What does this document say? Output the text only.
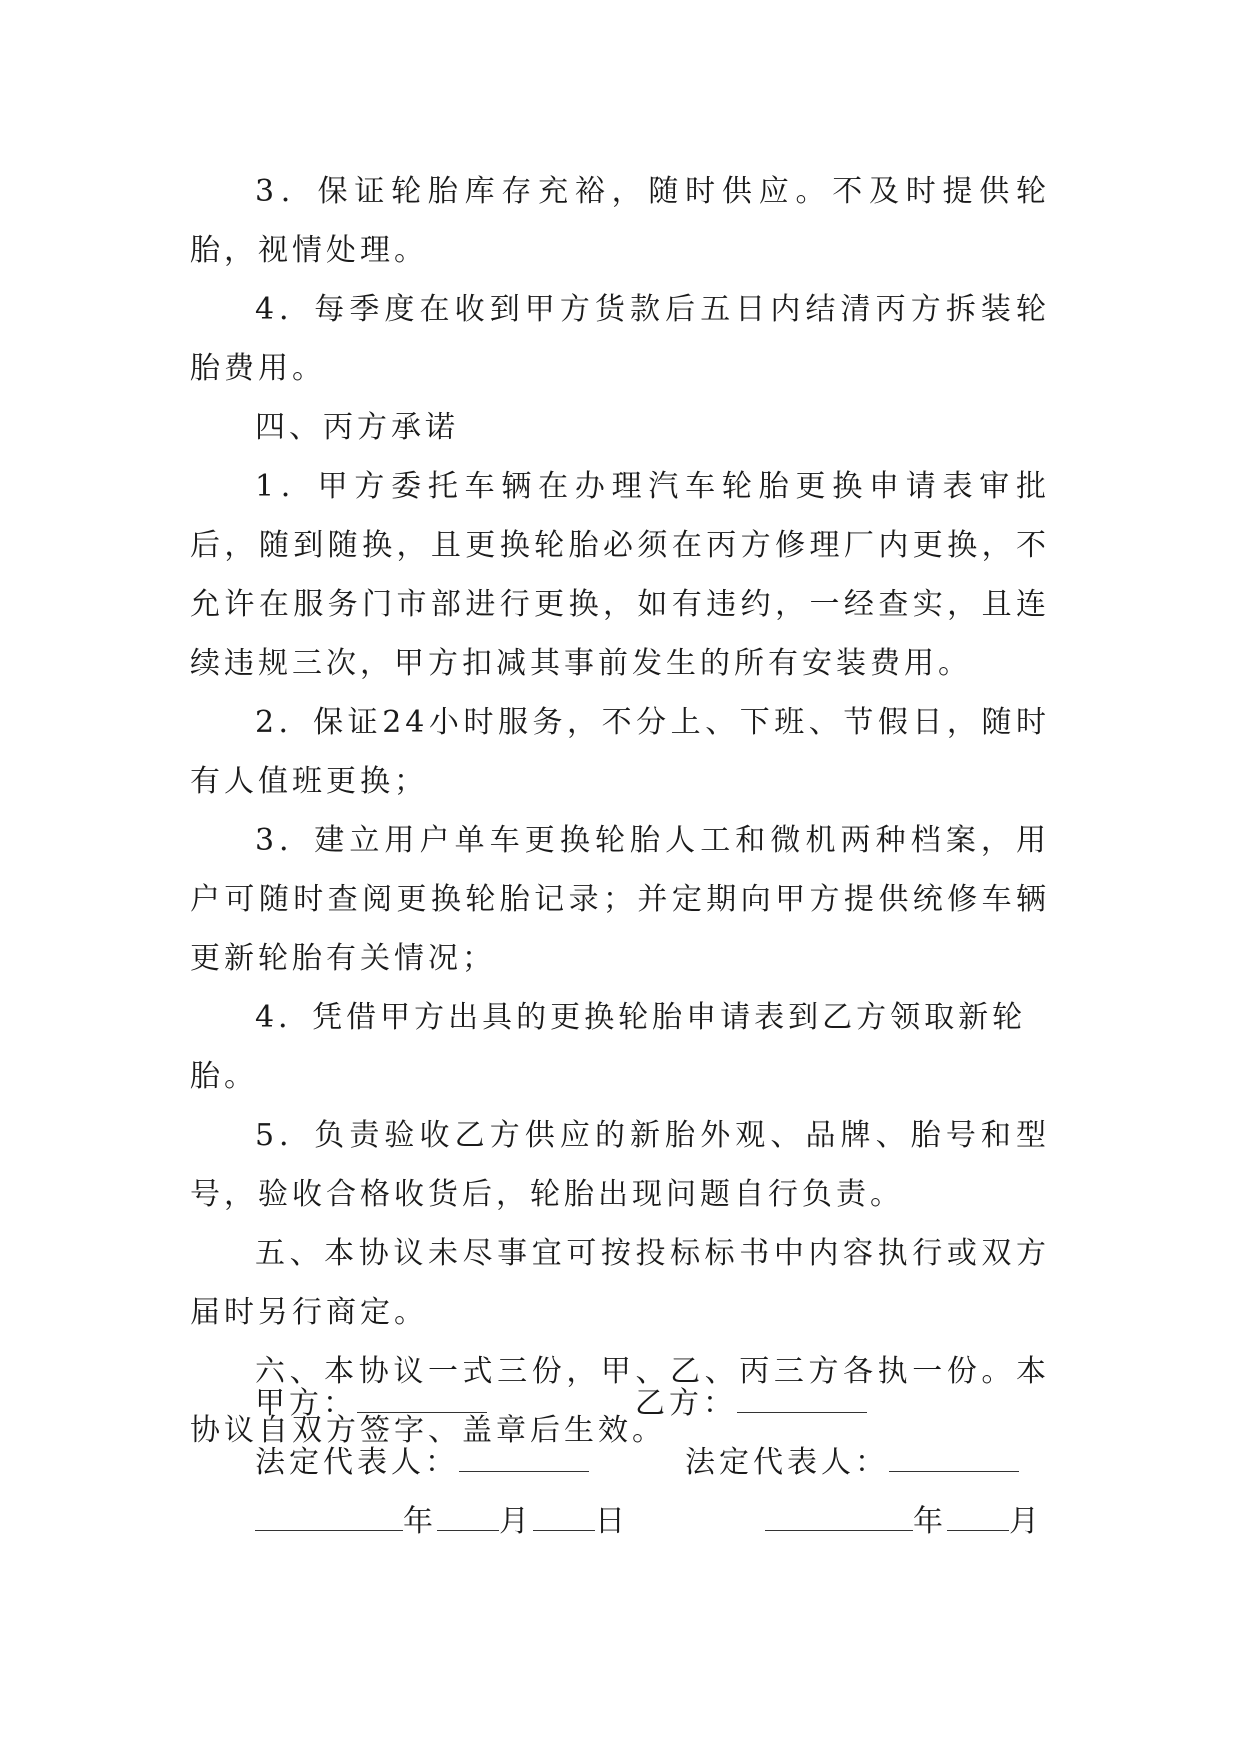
3．保证轮胎库存充裕，随时供应。不及时提供轮胎，视情处理。

4．每季度在收到甲方货款后五日内结清丙方拆装轮胎费用。

四、丙方承诺

1．甲方委托车辆在办理汽车轮胎更换申请表审批后，随到随换，且更换轮胎必须在丙方修理厂内更换，不允许在服务门市部进行更换，如有违约，一经查实，且连续违规三次，甲方扣减其事前发生的所有安装费用。

2．保证24小时服务，不分上、下班、节假日，随时有人值班更换；

3．建立用户单车更换轮胎人工和微机两种档案，用户可随时查阅更换轮胎记录；并定期向甲方提供统修车辆更新轮胎有关情况；

4．凭借甲方出具的更换轮胎申请表到乙方领取新轮胎。

5．负责验收乙方供应的新胎外观、品牌、胎号和型号，验收合格收货后，轮胎出现问题自行负责。

五、本协议未尽事宜可按投标标书中内容执行或双方届时另行商定。

六、本协议一式三份，甲、乙、丙三方各执一份。本协议自双方签字、盖章后生效。

甲方：	乙方：
法定代表人：	法定代表人：
年 月 日	年 月
